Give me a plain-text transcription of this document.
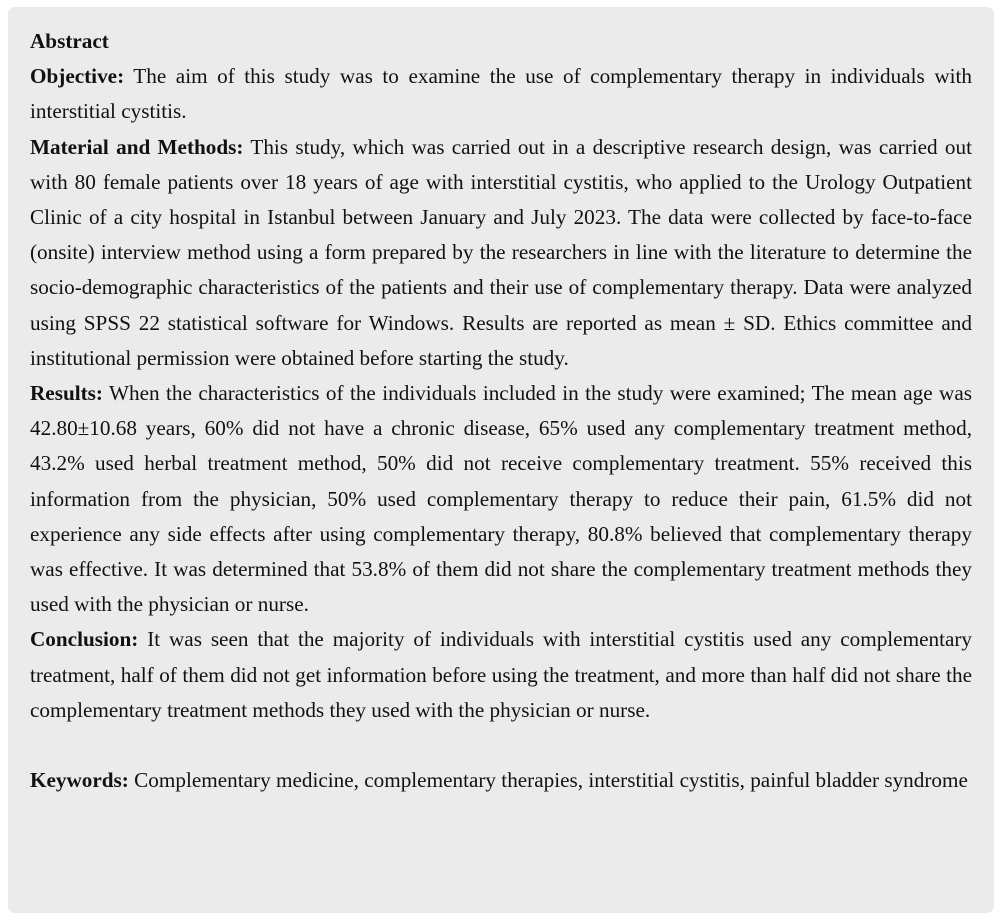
Abstract

Objective: The aim of this study was to examine the use of complementary therapy in individuals with interstitial cystitis.

Material and Methods: This study, which was carried out in a descriptive research design, was carried out with 80 female patients over 18 years of age with interstitial cystitis, who applied to the Urology Outpatient Clinic of a city hospital in Istanbul between January and July 2023. The data were collected by face-to-face (onsite) interview method using a form prepared by the researchers in line with the literature to determine the socio-demographic characteristics of the patients and their use of complementary therapy. Data were analyzed using SPSS 22 statistical software for Windows. Results are reported as mean ± SD. Ethics committee and institutional permission were obtained before starting the study.

Results: When the characteristics of the individuals included in the study were examined; The mean age was 42.80±10.68 years, 60% did not have a chronic disease, 65% used any complementary treatment method, 43.2% used herbal treatment method, 50% did not receive complementary treatment. 55% received this information from the physician, 50% used complementary therapy to reduce their pain, 61.5% did not experience any side effects after using complementary therapy, 80.8% believed that complementary therapy was effective. It was determined that 53.8% of them did not share the complementary treatment methods they used with the physician or nurse.

Conclusion: It was seen that the majority of individuals with interstitial cystitis used any complementary treatment, half of them did not get information before using the treatment, and more than half did not share the complementary treatment methods they used with the physician or nurse.

Keywords: Complementary medicine, complementary therapies, interstitial cystitis, painful bladder syndrome
